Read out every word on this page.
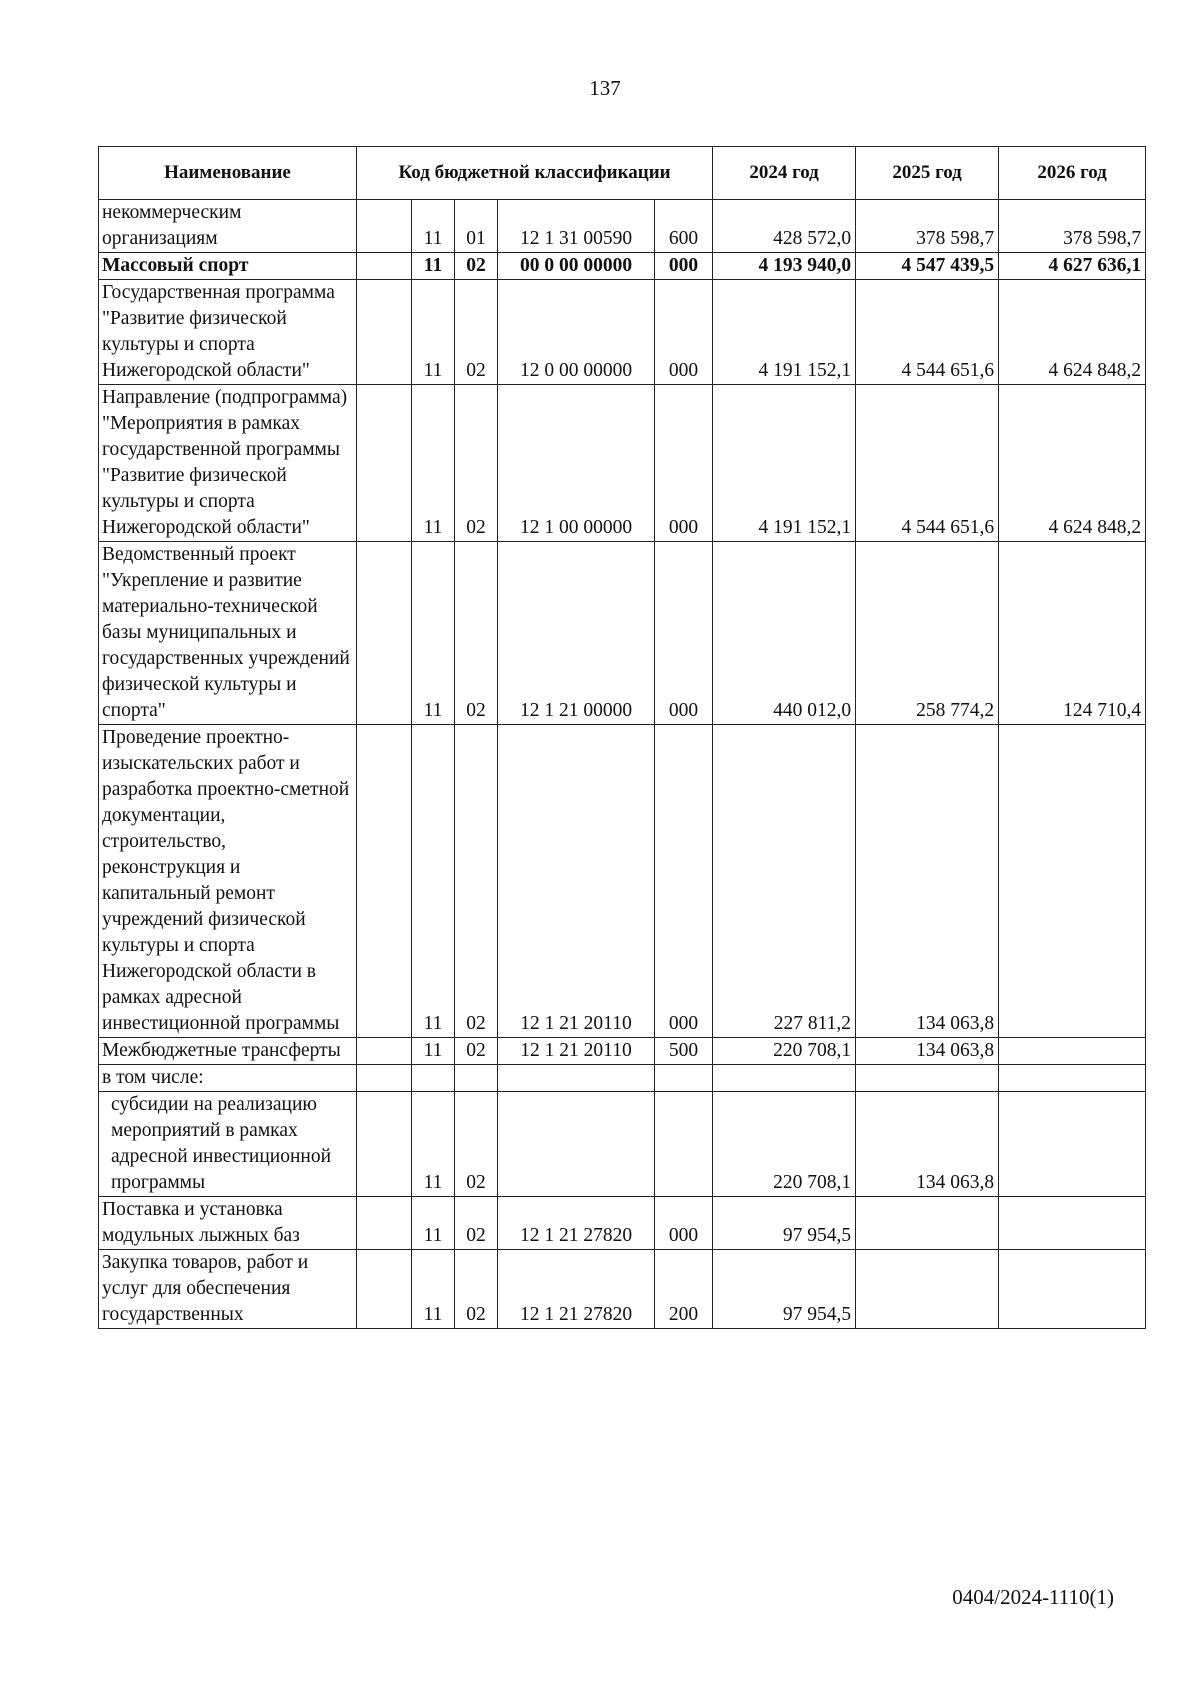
137
Наименование	Код бюджетной классификации					2024 год	2025 год	2026 год
некоммерческим организациям		11	01	12 1 31 00590	600	428 572,0	378 598,7	378 598,7
Массовый спорт		11	02	00 0 00 00000	000	4 193 940,0	4 547 439,5	4 627 636,1
Государственная программа "Развитие физической культуры и спорта Нижегородской области"		11	02	12 0 00 00000	000	4 191 152,1	4 544 651,6	4 624 848,2
Направление (подпрограмма) "Мероприятия в рамках государственной программы "Развитие физической культуры и спорта Нижегородской области"		11	02	12 1 00 00000	000	4 191 152,1	4 544 651,6	4 624 848,2
Ведомственный проект "Укрепление и развитие материально-технической базы муниципальных и государственных учреждений физической культуры и спорта"		11	02	12 1 21 00000	000	440 012,0	258 774,2	124 710,4
Проведение проектно-изыскательских работ и разработка проектно-сметной документации, строительство, реконструкция и капитальный ремонт учреждений физической культуры и спорта Нижегородской области в рамках адресной инвестиционной программы		11	02	12 1 21 20110	000	227 811,2	134 063,8	
Межбюджетные трансферты		11	02	12 1 21 20110	500	220 708,1	134 063,8	
в том числе:								
субсидии на реализацию мероприятий в рамках адресной инвестиционной программы		11	02			220 708,1	134 063,8	
Поставка и установка модульных лыжных баз		11	02	12 1 21 27820	000	97 954,5		
Закупка товаров, работ и услуг для обеспечения государственных		11	02	12 1 21 27820	200	97 954,5		
0404/2024-1110(1)
